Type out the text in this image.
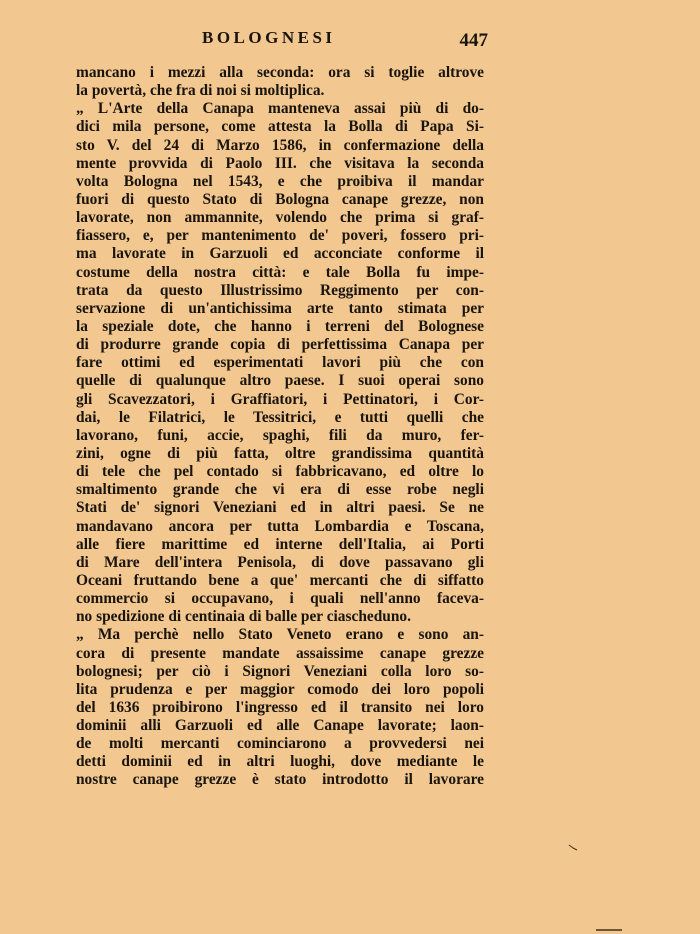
BOLOGNESI	447
mancano i mezzi alla seconda: ora si toglie altrove
la povertà, che fra di noi si moltiplica.
„ L'Arte della Canapa manteneva assai più di do-
dici mila persone, come attesta la Bolla di Papa Si-
sto V. del 24 di Marzo 1586, in confermazione della
mente provvida di Paolo III. che visitava la seconda
volta Bologna nel 1543, e che proibiva il mandar
fuori di questo Stato di Bologna canape grezze, non
lavorate, non ammannite, volendo che prima si graf-
fiassero, e, per mantenimento de' poveri, fossero pri-
ma lavorate in Garzuoli ed acconciate conforme il
costume della nostra città: e tale Bolla fu impe-
trata da questo Illustrissimo Reggimento per con-
servazione di un'antichissima arte tanto stimata per
la speziale dote, che hanno i terreni del Bolognese
di produrre grande copia di perfettissima Canapa per
fare ottimi ed esperimentati lavori più che con
quelle di qualunque altro paese. I suoi operai sono
gli Scavezzatori, i Graffiatori, i Pettinatori, i Cor-
dai, le Filatrici, le Tessitrici, e tutti quelli che
lavorano, funi, accie, spaghi, fili da muro, fer-
zini, ogne di più fatta, oltre grandissima quantità
di tele che pel contado si fabbricavano, ed oltre lo
smaltimento grande che vi era di esse robe negli
Stati de' signori Veneziani ed in altri paesi. Se ne
mandavano ancora per tutta Lombardia e Toscana,
alle fiere marittime ed interne dell'Italia, ai Porti
di Mare dell'intera Penisola, di dove passavano gli
Oceani fruttando bene a que' mercanti che di siffatto
commercio si occupavano, i quali nell'anno faceva-
no spedizione di centinaia di balle per ciascheduno.
„ Ma perchè nello Stato Veneto erano e sono an-
cora di presente mandate assaissime canape grezze
bolognesi; per ciò i Signori Veneziani colla loro so-
lita prudenza e per maggior comodo dei loro popoli
del 1636 proibirono l'ingresso ed il transito nei loro
dominii alli Garzuoli ed alle Canape lavorate; laon-
de molti mercanti cominciarono a provvedersi nei
detti dominii ed in altri luoghi, dove mediante le
nostre canape grezze è stato introdotto il lavorare
